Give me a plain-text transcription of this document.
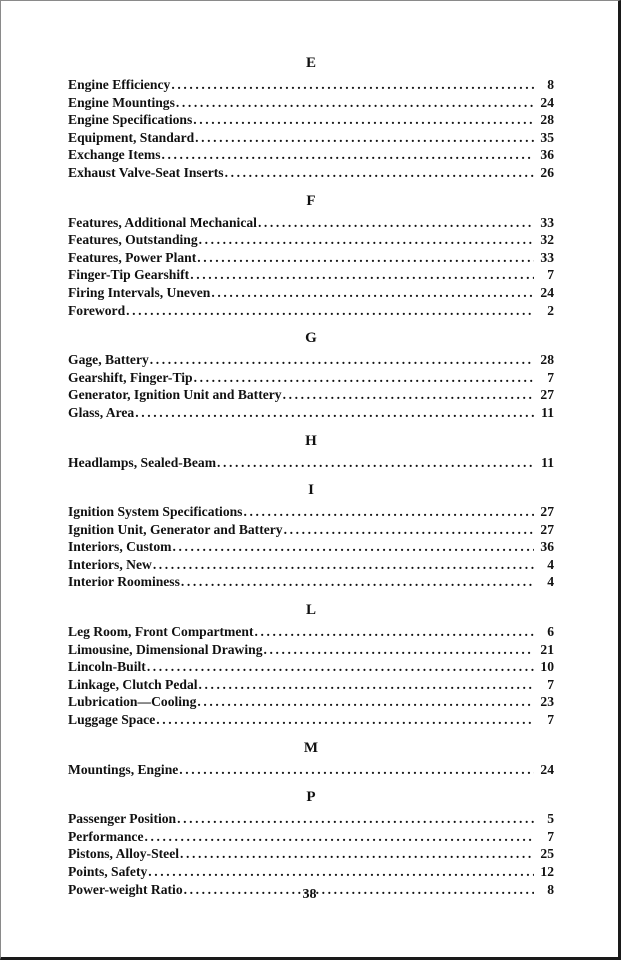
E
Engine Efficiency .....	8
Engine Mountings .....	24
Engine Specifications .....	28
Equipment, Standard .....	35
Exchange Items .....	36
Exhaust Valve-Seat Inserts .....	26
F
Features, Additional Mechanical .....	33
Features, Outstanding .....	32
Features, Power Plant .....	33
Finger-Tip Gearshift .....	7
Firing Intervals, Uneven .....	24
Foreword .....	2
G
Gage, Battery .....	28
Gearshift, Finger-Tip .....	7
Generator, Ignition Unit and Battery .....	27
Glass, Area .....	11
H
Headlamps, Sealed-Beam .....	11
I
Ignition System Specifications .....	27
Ignition Unit, Generator and Battery .....	27
Interiors, Custom .....	36
Interiors, New .....	4
Interior Roominess .....	4
L
Leg Room, Front Compartment .....	6
Limousine, Dimensional Drawing .....	21
Lincoln-Built .....	10
Linkage, Clutch Pedal .....	7
Lubrication—Cooling .....	23
Luggage Space .....	7
M
Mountings, Engine .....	24
P
Passenger Position .....	5
Performance .....	7
Pistons, Alloy-Steel .....	25
Points, Safety .....	12
Power-weight Ratio .....	8
38
